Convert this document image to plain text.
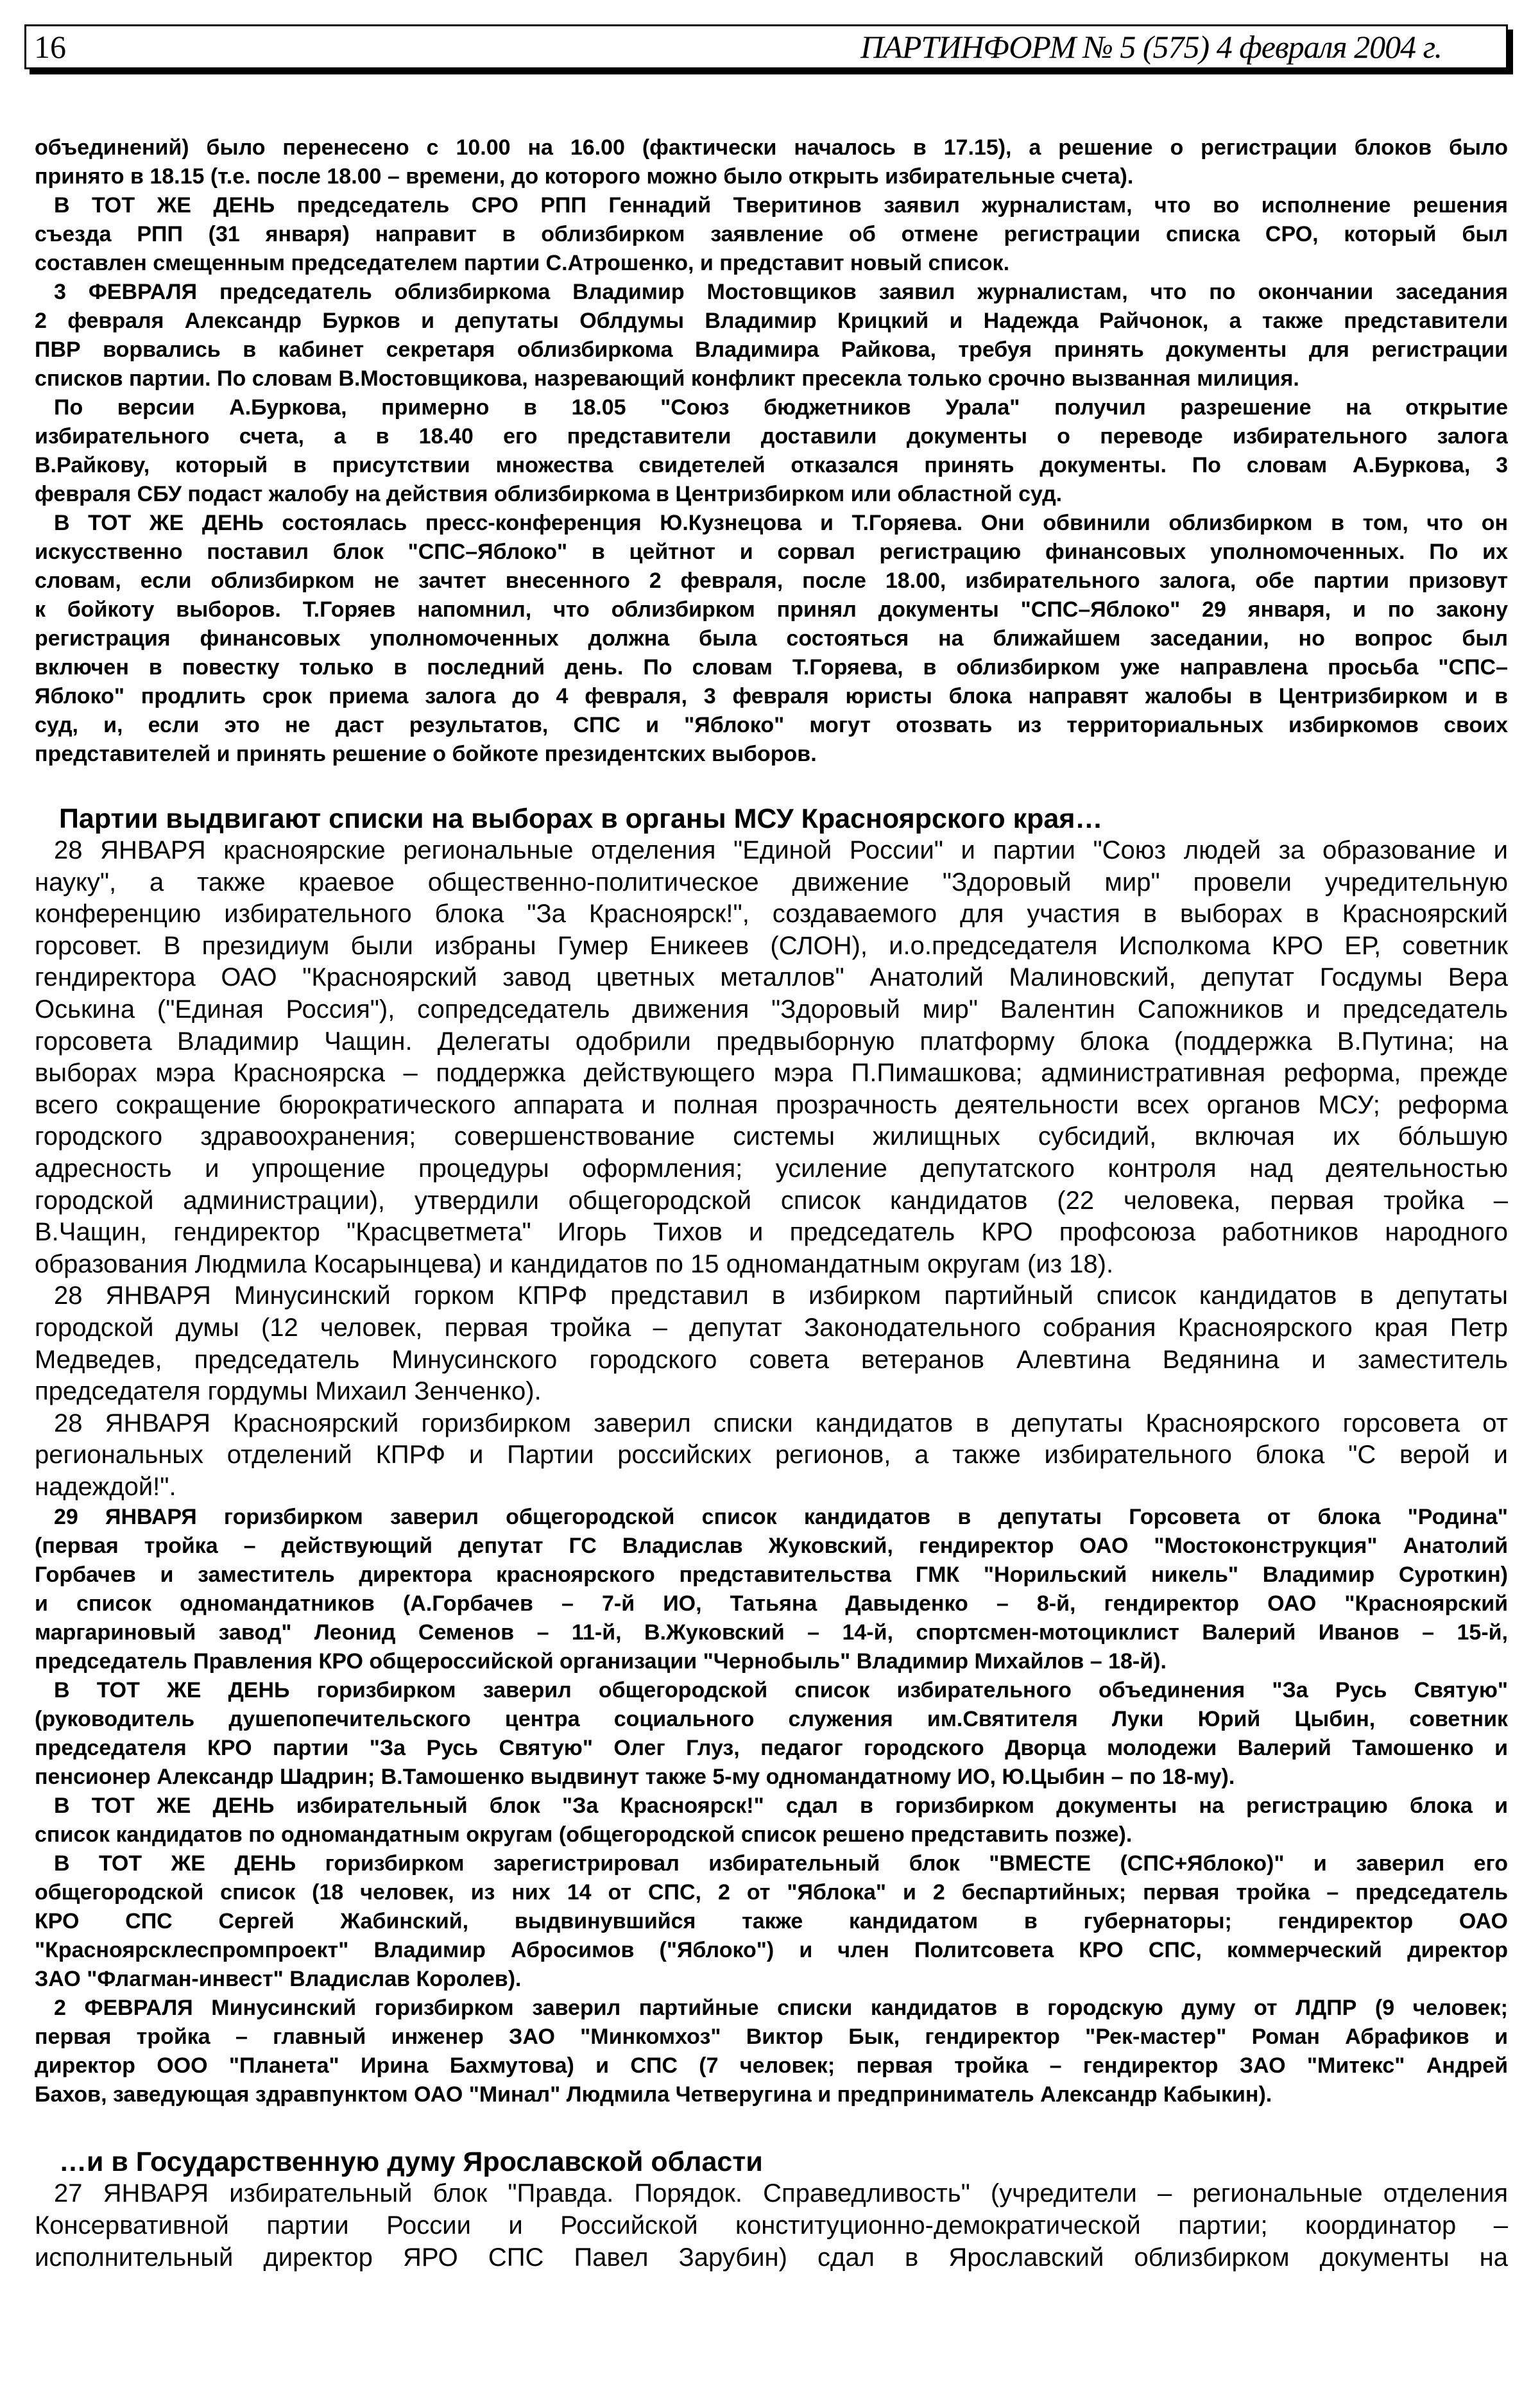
16	ПАРТИНФОРМ № 5 (575) 4 февраля 2004 г.
объединений) было перенесено с 10.00 на 16.00 (фактически началось в 17.15), а решение о регистрации блоков было
принято в 18.15 (т.е. после 18.00 – времени, до которого можно было открыть избирательные счета).
В ТОТ ЖЕ ДЕНЬ председатель СРО РПП Геннадий Тверитинов заявил журналистам, что во исполнение решения
съезда РПП (31 января) направит в облизбирком заявление об отмене регистрации списка СРО, который был
составлен смещенным председателем партии С.Атрошенко, и представит новый список.
3 ФЕВРАЛЯ председатель облизбиркома Владимир Мостовщиков заявил журналистам, что по окончании заседания
2 февраля Александр Бурков и депутаты Облдумы Владимир Крицкий и Надежда Райчонок, а также представители
ПВР ворвались в кабинет секретаря облизбиркома Владимира Райкова, требуя принять документы для регистрации
списков партии. По словам В.Мостовщикова, назревающий конфликт пресекла только срочно вызванная милиция.
По версии А.Буркова, примерно в 18.05 "Союз бюджетников Урала" получил разрешение на открытие
избирательного счета, а в 18.40 его представители доставили документы о переводе избирательного залога
В.Райкову, который в присутствии множества свидетелей отказался принять документы. По словам А.Буркова, 3
февраля СБУ подаст жалобу на действия облизбиркома в Центризбирком или областной суд.
В ТОТ ЖЕ ДЕНЬ состоялась пресс-конференция Ю.Кузнецова и Т.Горяева. Они обвинили облизбирком в том, что он
искусственно поставил блок "СПС–Яблоко" в цейтнот и сорвал регистрацию финансовых уполномоченных. По их
словам, если облизбирком не зачтет внесенного 2 февраля, после 18.00, избирательного залога, обе партии призовут
к бойкоту выборов. Т.Горяев напомнил, что облизбирком принял документы "СПС–Яблоко" 29 января, и по закону
регистрация финансовых уполномоченных должна была состояться на ближайшем заседании, но вопрос был
включен в повестку только в последний день. По словам Т.Горяева, в облизбирком уже направлена просьба "СПС–
Яблоко" продлить срок приема залога до 4 февраля, 3 февраля юристы блока направят жалобы в Центризбирком и в
суд, и, если это не даст результатов, СПС и "Яблоко" могут отозвать из территориальных избиркомов своих
представителей и принять решение о бойкоте президентских выборов.
Партии выдвигают списки на выборах в органы МСУ Красноярского края…
28 ЯНВАРЯ красноярские региональные отделения "Единой России" и партии "Союз людей за образование и
науку", а также краевое общественно-политическое движение "Здоровый мир" провели учредительную
конференцию избирательного блока "За Красноярск!", создаваемого для участия в выборах в Красноярский
горсовет. В президиум были избраны Гумер Еникеев (СЛОН), и.о.председателя Исполкома КРО ЕР, советник
гендиректора ОАО "Красноярский завод цветных металлов" Анатолий Малиновский, депутат Госдумы Вера
Оськина ("Единая Россия"), сопредседатель движения "Здоровый мир" Валентин Сапожников и председатель
горсовета Владимир Чащин. Делегаты одобрили предвыборную платформу блока (поддержка В.Путина; на
выборах мэра Красноярска – поддержка действующего мэра П.Пимашкова; административная реформа, прежде
всего сокращение бюрократического аппарата и полная прозрачность деятельности всех органов МСУ; реформа
городского здравоохранения; совершенствование системы жилищных субсидий, включая их бóльшую
адресность и упрощение процедуры оформления; усиление депутатского контроля над деятельностью
городской администрации), утвердили общегородской список кандидатов (22 человека, первая тройка –
В.Чащин, гендиректор "Красцветмета" Игорь Тихов и председатель КРО профсоюза работников народного
образования Людмила Косарынцева) и кандидатов по 15 одномандатным округам (из 18).
28 ЯНВАРЯ Минусинский горком КПРФ представил в избирком партийный список кандидатов в депутаты
городской думы (12 человек, первая тройка – депутат Законодательного собрания Красноярского края Петр
Медведев, председатель Минусинского городского совета ветеранов Алевтина Ведянина и заместитель
председателя гордумы Михаил Зенченко).
28 ЯНВАРЯ Красноярский горизбирком заверил списки кандидатов в депутаты Красноярского горсовета от
региональных отделений КПРФ и Партии российских регионов, а также избирательного блока "С верой и
надеждой!".
29 ЯНВАРЯ горизбирком заверил общегородской список кандидатов в депутаты Горсовета от блока "Родина"
(первая тройка – действующий депутат ГС Владислав Жуковский, гендиректор ОАО "Мостоконструкция" Анатолий
Горбачев и заместитель директора красноярского представительства ГМК "Норильский никель" Владимир Суроткин)
и список одномандатников (А.Горбачев – 7-й ИО, Татьяна Давыденко – 8-й, гендиректор ОАО "Красноярский
маргариновый завод" Леонид Семенов – 11-й, В.Жуковский – 14-й, спортсмен-мотоциклист Валерий Иванов – 15-й,
председатель Правления КРО общероссийской организации "Чернобыль" Владимир Михайлов – 18-й).
В ТОТ ЖЕ ДЕНЬ горизбирком заверил общегородской список избирательного объединения "За Русь Святую"
(руководитель душепопечительского центра социального служения им.Святителя Луки Юрий Цыбин, советник
председателя КРО партии "За Русь Святую" Олег Глуз, педагог городского Дворца молодежи Валерий Тамошенко и
пенсионер Александр Шадрин; В.Тамошенко выдвинут также 5-му одномандатному ИО, Ю.Цыбин – по 18-му).
В ТОТ ЖЕ ДЕНЬ избирательный блок "За Красноярск!" сдал в горизбирком документы на регистрацию блока и
список кандидатов по одномандатным округам (общегородской список решено представить позже).
В ТОТ ЖЕ ДЕНЬ горизбирком зарегистрировал избирательный блок "ВМЕСТЕ (СПС+Яблоко)" и заверил его
общегородской список (18 человек, из них 14 от СПС, 2 от "Яблока" и 2 беспартийных; первая тройка – председатель
КРО СПС Сергей Жабинский, выдвинувшийся также кандидатом в губернаторы; гендиректор ОАО
"Красноярсклеспромпроект" Владимир Абросимов ("Яблоко") и член Политсовета КРО СПС, коммерческий директор
ЗАО "Флагман-инвест" Владислав Королев).
2 ФЕВРАЛЯ Минусинский горизбирком заверил партийные списки кандидатов в городскую думу от ЛДПР (9 человек;
первая тройка – главный инженер ЗАО "Минкомхоз" Виктор Бык, гендиректор "Рек-мастер" Роман Абрафиков и
директор ООО "Планета" Ирина Бахмутова) и СПС (7 человек; первая тройка – гендиректор ЗАО "Митекс" Андрей
Бахов, заведующая здравпунктом ОАО "Минал" Людмила Четверугина и предприниматель Александр Кабыкин).
…и в Государственную думу Ярославской области
27 ЯНВАРЯ избирательный блок "Правда. Порядок. Справедливость" (учредители – региональные отделения
Консервативной партии России и Российской конституционно-демократической партии; координатор –
исполнительный директор ЯРО СПС Павел Зарубин) сдал в Ярославский облизбирком документы на
